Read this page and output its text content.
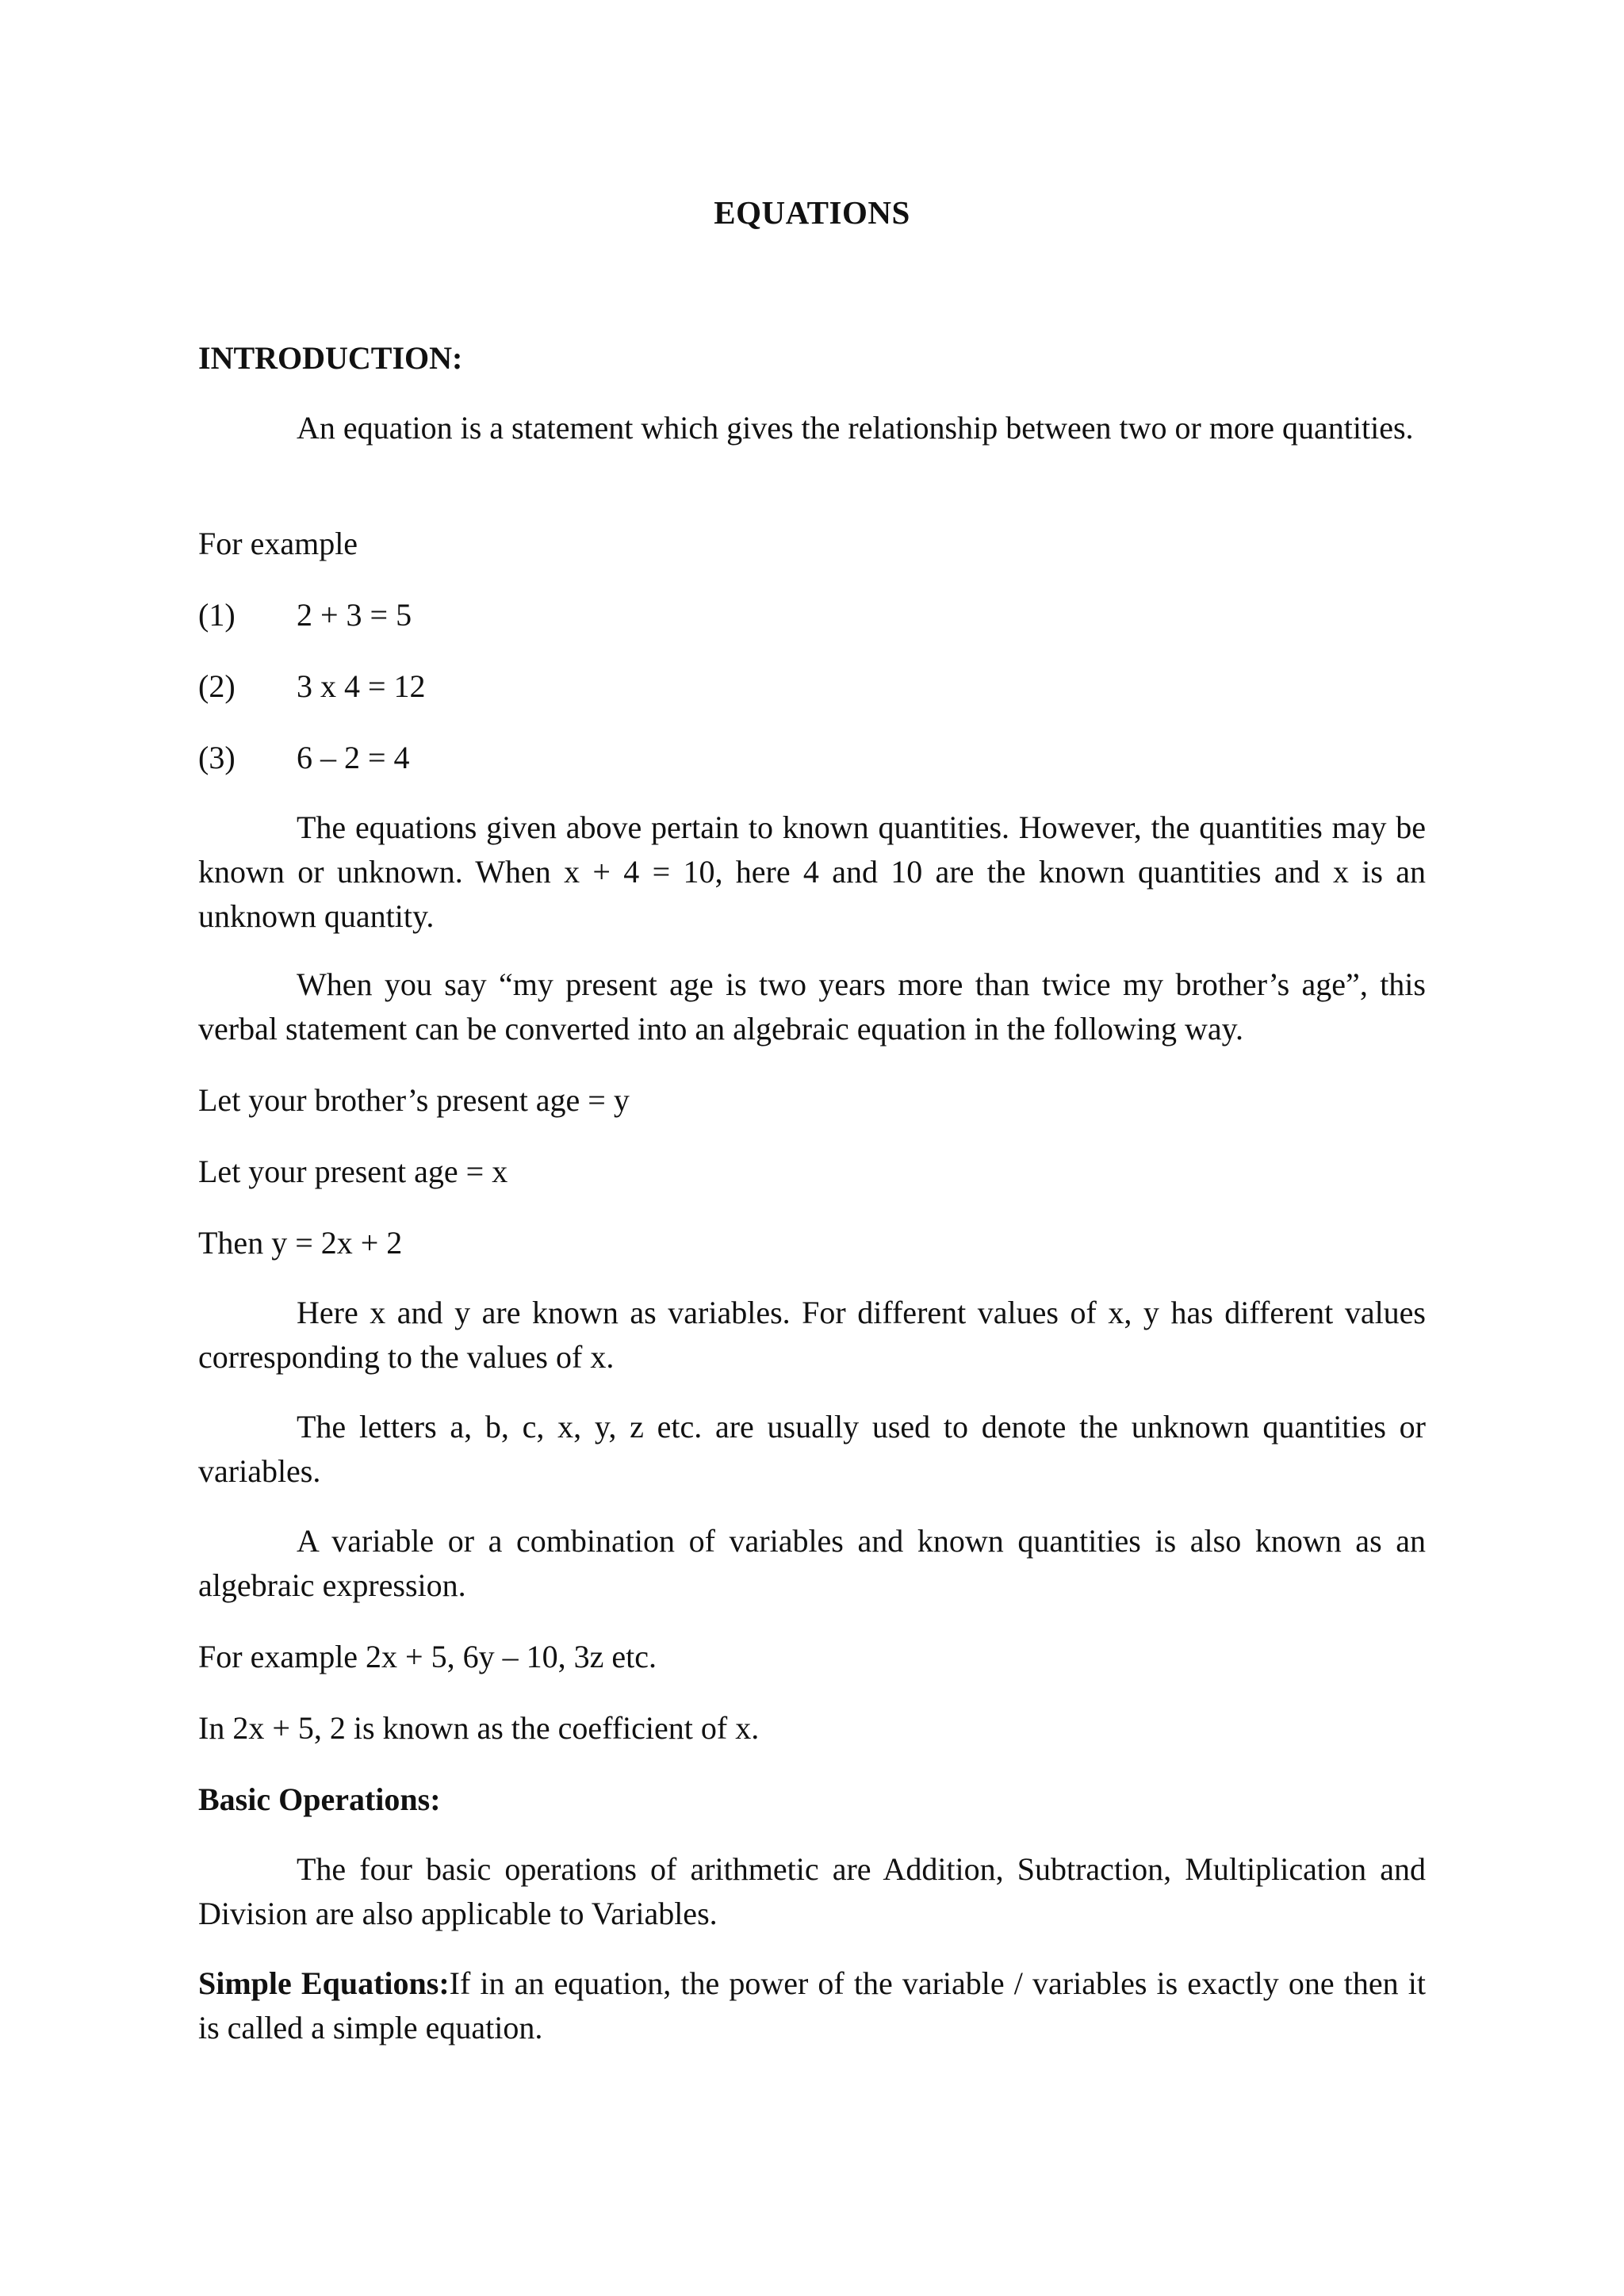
EQUATIONS
INTRODUCTION:
An equation is a statement which gives the relationship between two or more quantities.
For example
(1) 2 + 3 = 5
(2) 3 x 4 = 12
(3) 6 – 2 = 4
The equations given above pertain to known quantities. However, the quantities may be known or unknown. When x + 4 = 10, here 4 and 10 are the known quantities and x is an unknown quantity.
When you say “my present age is two years more than twice my brother’s age”, this verbal statement can be converted into an algebraic equation in the following way.
Let your brother’s present age = y
Let your present age = x
Then y = 2x + 2
Here x and y are known as variables. For different values of x, y has different values corresponding to the values of x.
The letters a, b, c, x, y, z etc. are usually used to denote the unknown quantities or variables.
A variable or a combination of variables and known quantities is also known as an algebraic expression.
For example 2x + 5, 6y – 10, 3z etc.
In 2x + 5, 2 is known as the coefficient of x.
Basic Operations:
The four basic operations of arithmetic are Addition, Subtraction, Multiplication and Division are also applicable to Variables.
Simple Equations:If in an equation, the power of the variable / variables is exactly one then it is called a simple equation.
